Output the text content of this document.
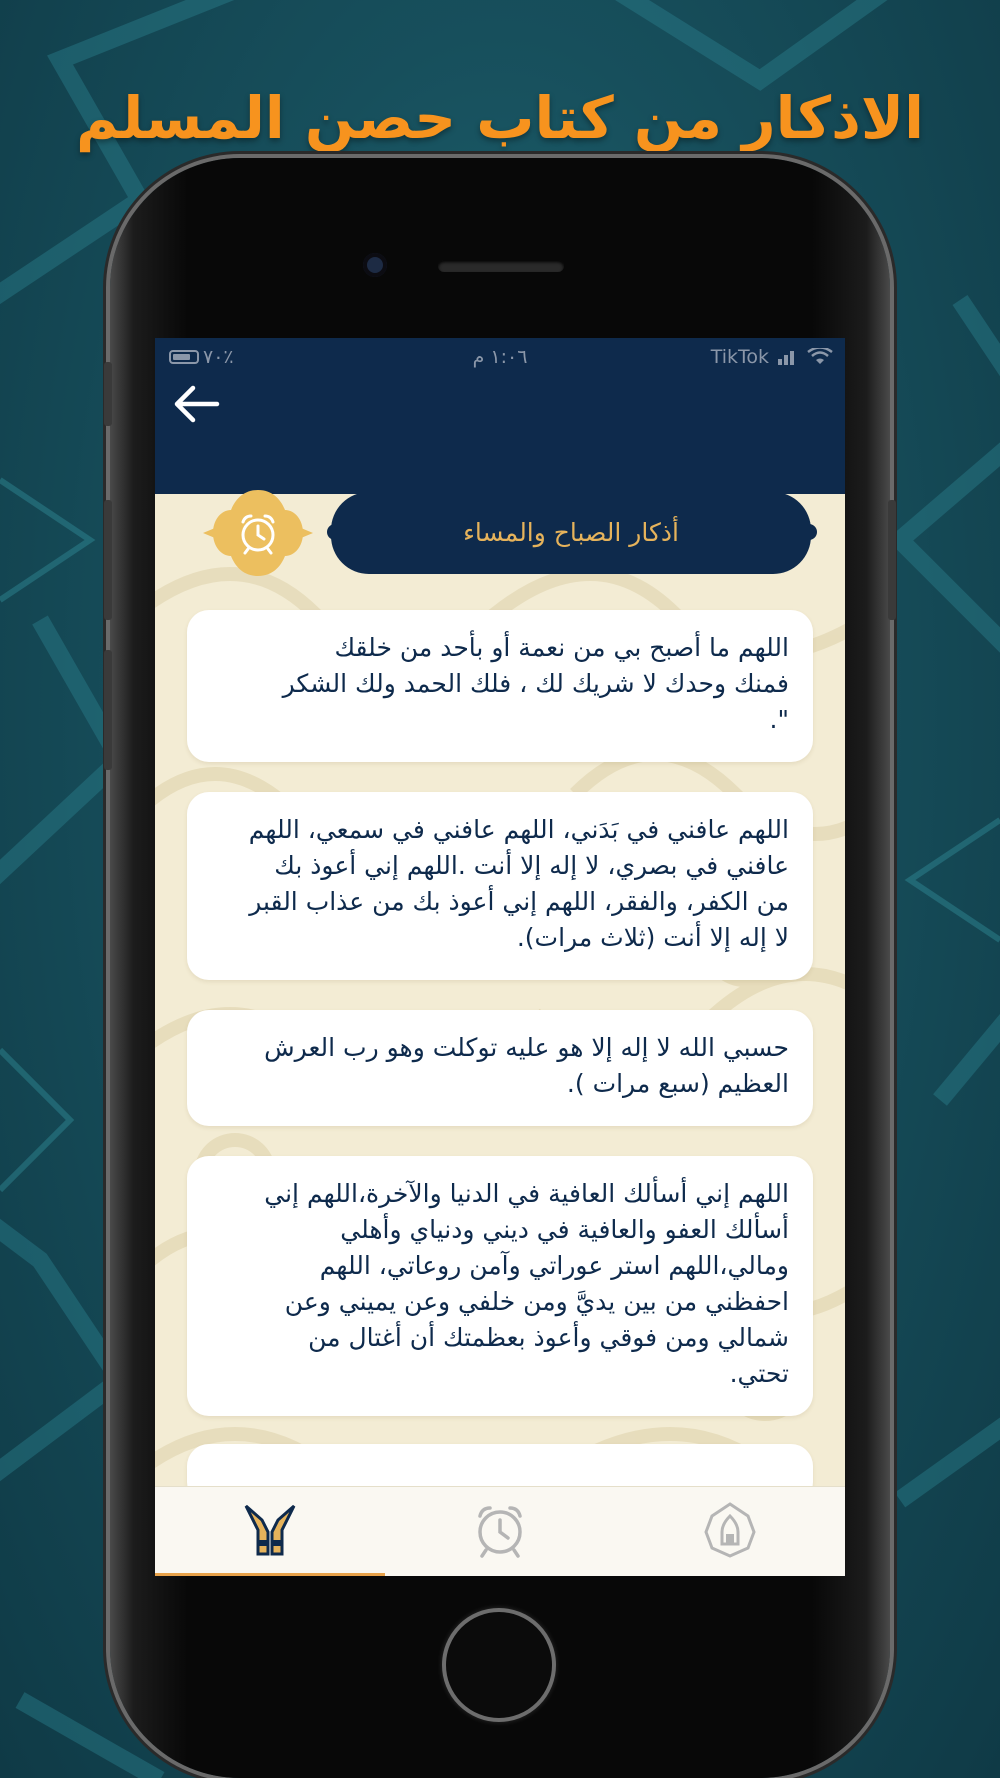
الاذكار من كتاب حصن المسلم
٧٠٪	١:٠٦ م	TikTok
أذكار الصباح والمساء

اللهم ما أصبح بي من نعمة أو بأحد من خلقك
فمنك وحدك لا شريك لك ، فلك الحمد ولك الشكر
".

اللهم عافني في بَدَني، اللهم عافني في سمعي، اللهم
عافني في بصري، لا إله إلا أنت .اللهم إني أعوذ بك
من الكفر، والفقر، اللهم إني أعوذ بك من عذاب القبر
لا إله إلا أنت (ثلاث مرات).

حسبي الله لا إله إلا هو عليه توكلت وهو رب العرش
العظيم (سبع مرات ).

اللهم إني أسألك العافية في الدنيا والآخرة،اللهم إني
أسألك العفو والعافية في ديني ودنياي وأهلي
ومالي،اللهم استر عوراتي وآمن روعاتي، اللهم
احفظني من بين يديَّ ومن خلفي وعن يميني وعن
شمالي ومن فوقي وأعوذ بعظمتك أن أغتال من
تحتي.
